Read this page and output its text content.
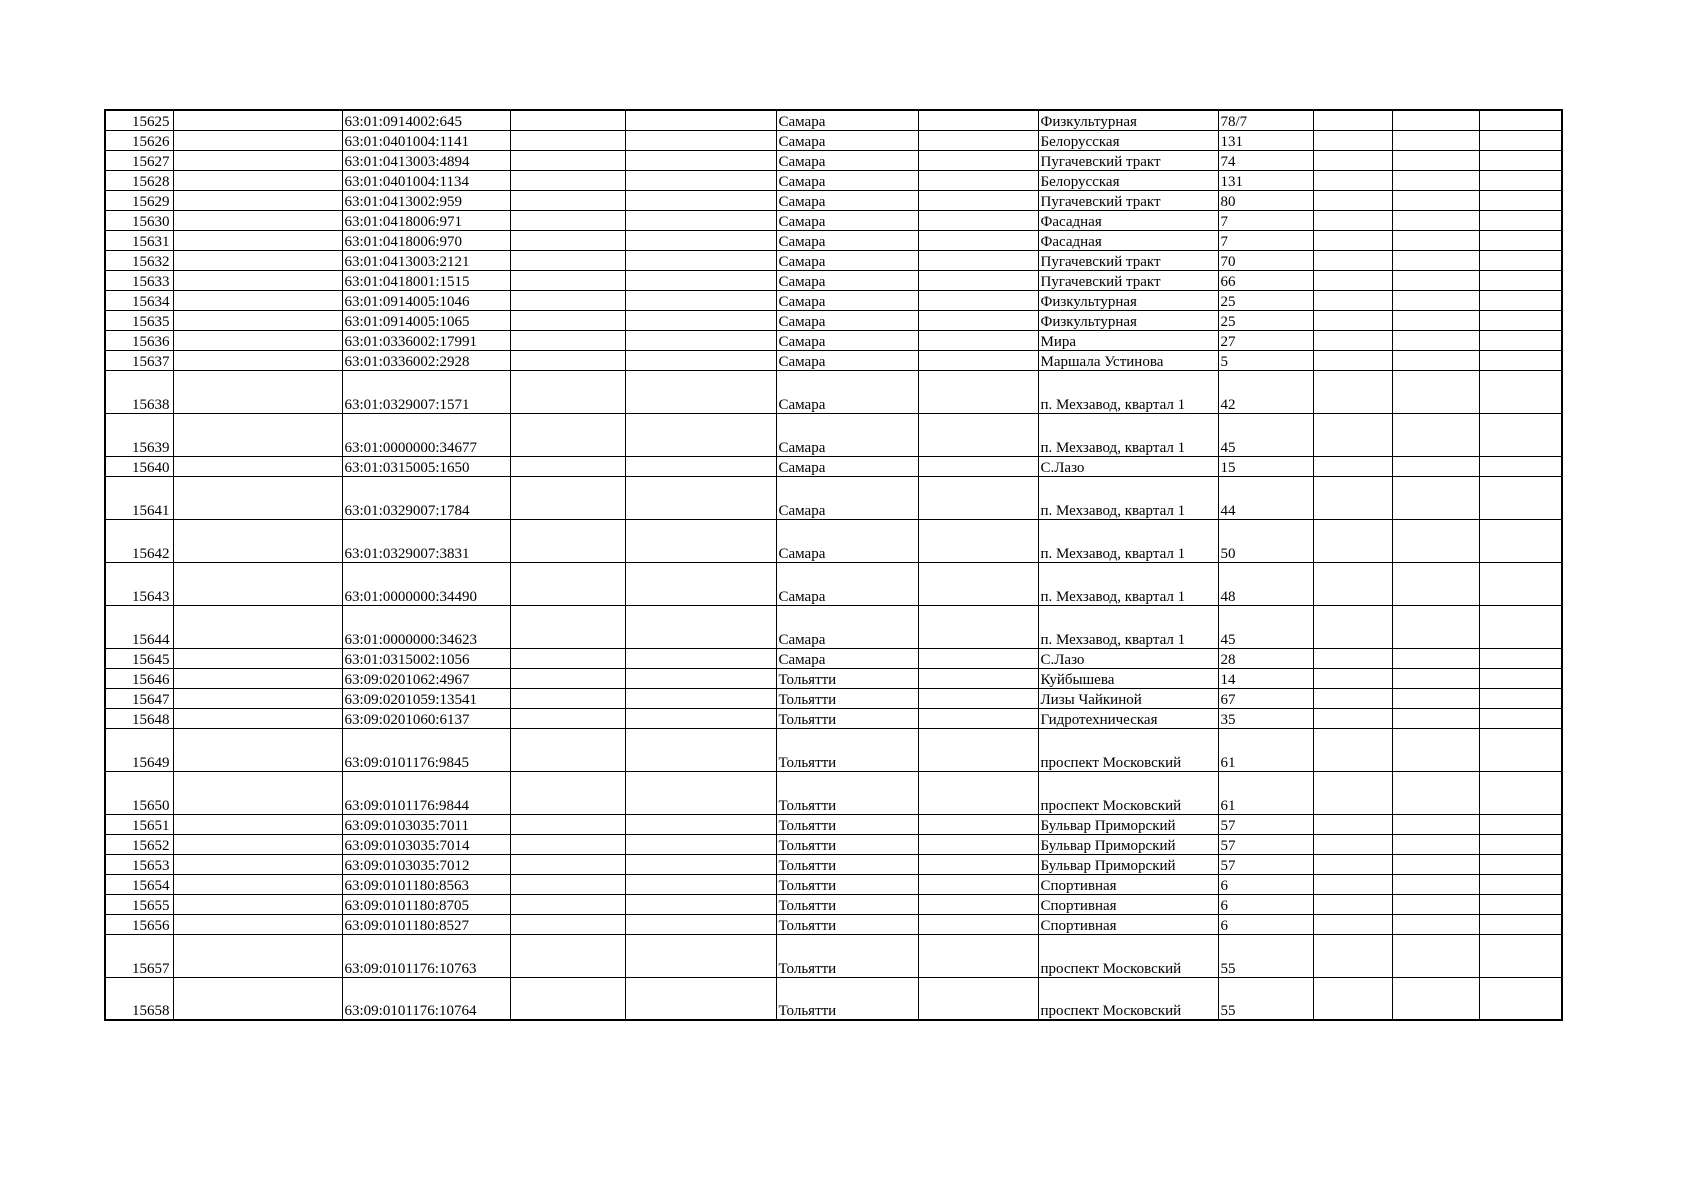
15625		63:01:0914002:645			Самара		Физкультурная	78/7			
15626		63:01:0401004:1141			Самара		Белорусская	131			
15627		63:01:0413003:4894			Самара		Пугачевский тракт	74			
15628		63:01:0401004:1134			Самара		Белорусская	131			
15629		63:01:0413002:959			Самара		Пугачевский тракт	80			
15630		63:01:0418006:971			Самара		Фасадная	7			
15631		63:01:0418006:970			Самара		Фасадная	7			
15632		63:01:0413003:2121			Самара		Пугачевский тракт	70			
15633		63:01:0418001:1515			Самара		Пугачевский тракт	66			
15634		63:01:0914005:1046			Самара		Физкультурная	25			
15635		63:01:0914005:1065			Самара		Физкультурная	25			
15636		63:01:0336002:17991			Самара		Мира	27			
15637		63:01:0336002:2928			Самара		Маршала Устинова	5			
15638		63:01:0329007:1571			Самара		п. Мехзавод, квартал 1	42			
15639		63:01:0000000:34677			Самара		п. Мехзавод, квартал 1	45			
15640		63:01:0315005:1650			Самара		С.Лазо	15			
15641		63:01:0329007:1784			Самара		п. Мехзавод, квартал 1	44			
15642		63:01:0329007:3831			Самара		п. Мехзавод, квартал 1	50			
15643		63:01:0000000:34490			Самара		п. Мехзавод, квартал 1	48			
15644		63:01:0000000:34623			Самара		п. Мехзавод, квартал 1	45			
15645		63:01:0315002:1056			Самара		С.Лазо	28			
15646		63:09:0201062:4967			Тольятти		Куйбышева	14			
15647		63:09:0201059:13541			Тольятти		Лизы Чайкиной	67			
15648		63:09:0201060:6137			Тольятти		Гидротехническая	35			
15649		63:09:0101176:9845			Тольятти		проспект Московский	61			
15650		63:09:0101176:9844			Тольятти		проспект Московский	61			
15651		63:09:0103035:7011			Тольятти		Бульвар Приморский	57			
15652		63:09:0103035:7014			Тольятти		Бульвар Приморский	57			
15653		63:09:0103035:7012			Тольятти		Бульвар Приморский	57			
15654		63:09:0101180:8563			Тольятти		Спортивная	6			
15655		63:09:0101180:8705			Тольятти		Спортивная	6			
15656		63:09:0101180:8527			Тольятти		Спортивная	6			
15657		63:09:0101176:10763			Тольятти		проспект Московский	55			
15658		63:09:0101176:10764			Тольятти		проспект Московский	55			
